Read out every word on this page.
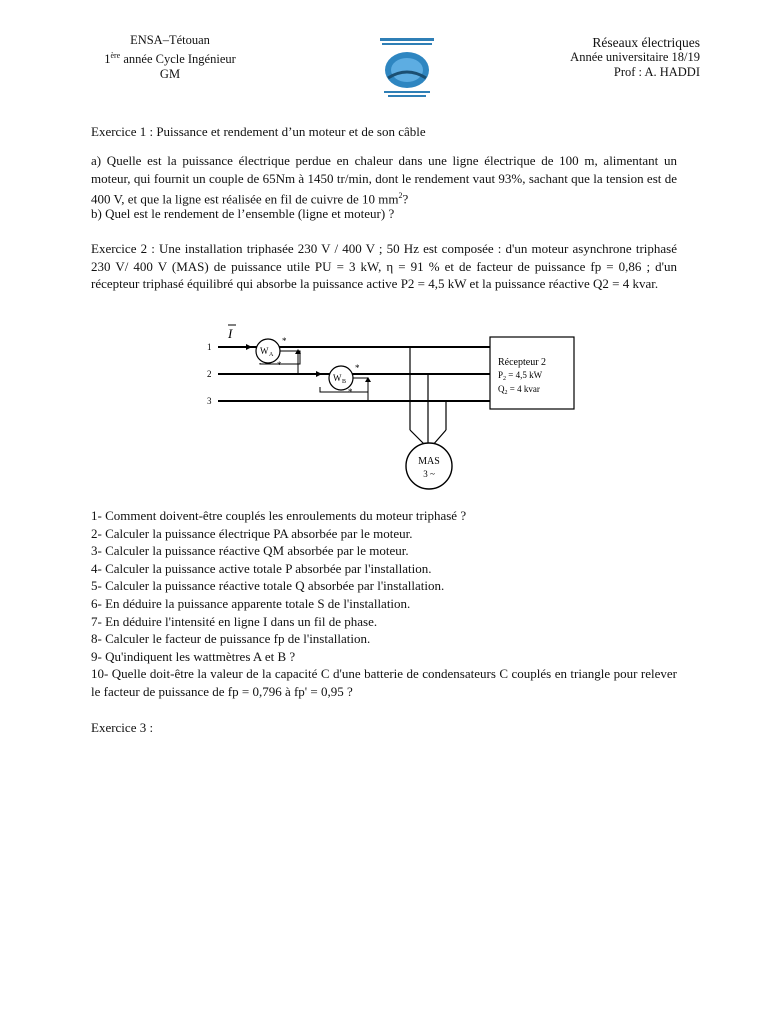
ENSA–Tétouan
1ère année Cycle Ingénieur
GM
Réseaux électriques
Année universitaire 18/19
Prof : A. HADDI
Exercice 1 : Puissance et rendement d’un moteur et de son câble
a) Quelle est la puissance électrique perdue en chaleur dans une ligne électrique de 100 m, alimentant un moteur, qui fournit un couple de 65Nm à 1450 tr/min, dont le rendement vaut 93%, sachant que la tension est de 400 V, et que la ligne est réalisée en fil de cuivre de 10 $mm^2$?
b) Quel est le rendement de l’ensemble (ligne et moteur) ?
Exercice 2 : Une installation triphasée 230 V / 400 V ; 50 Hz est composée : d'un moteur asynchrone triphasé 230 V/ 400 V (MAS) de puissance utile PU = 3 kW, η = 91 % et de facteur de puissance fp = 0,86 ; d'un récepteur triphasé équilibré qui absorbe la puissance active P2 = 4,5 kW et la puissance réactive Q2 = 4 kvar.
I
1
2
3
W A
*
*
W B
*
*
MAS
3 ~
Récepteur 2
$P_2 = 4,5$ kW
$Q_2 = 4$ kvar
1- Comment doivent-être couplés les enroulements du moteur triphasé ?
2- Calculer la puissance électrique PA absorbée par le moteur.
3- Calculer la puissance réactive QM absorbée par le moteur.
4- Calculer la puissance active totale P absorbée par l'installation.
5- Calculer la puissance réactive totale Q absorbée par l'installation.
6- En déduire la puissance apparente totale S de l'installation.
7- En déduire l'intensité en ligne I dans un fil de phase.
8- Calculer le facteur de puissance fp de l'installation.
9- Qu'indiquent les wattmètres A et B ?
10- Quelle doit-être la valeur de la capacité C d'une batterie de condensateurs C couplés en triangle pour relever le facteur de puissance de fp = 0,796 à fp' = 0,95 ?
Exercice 3 :
